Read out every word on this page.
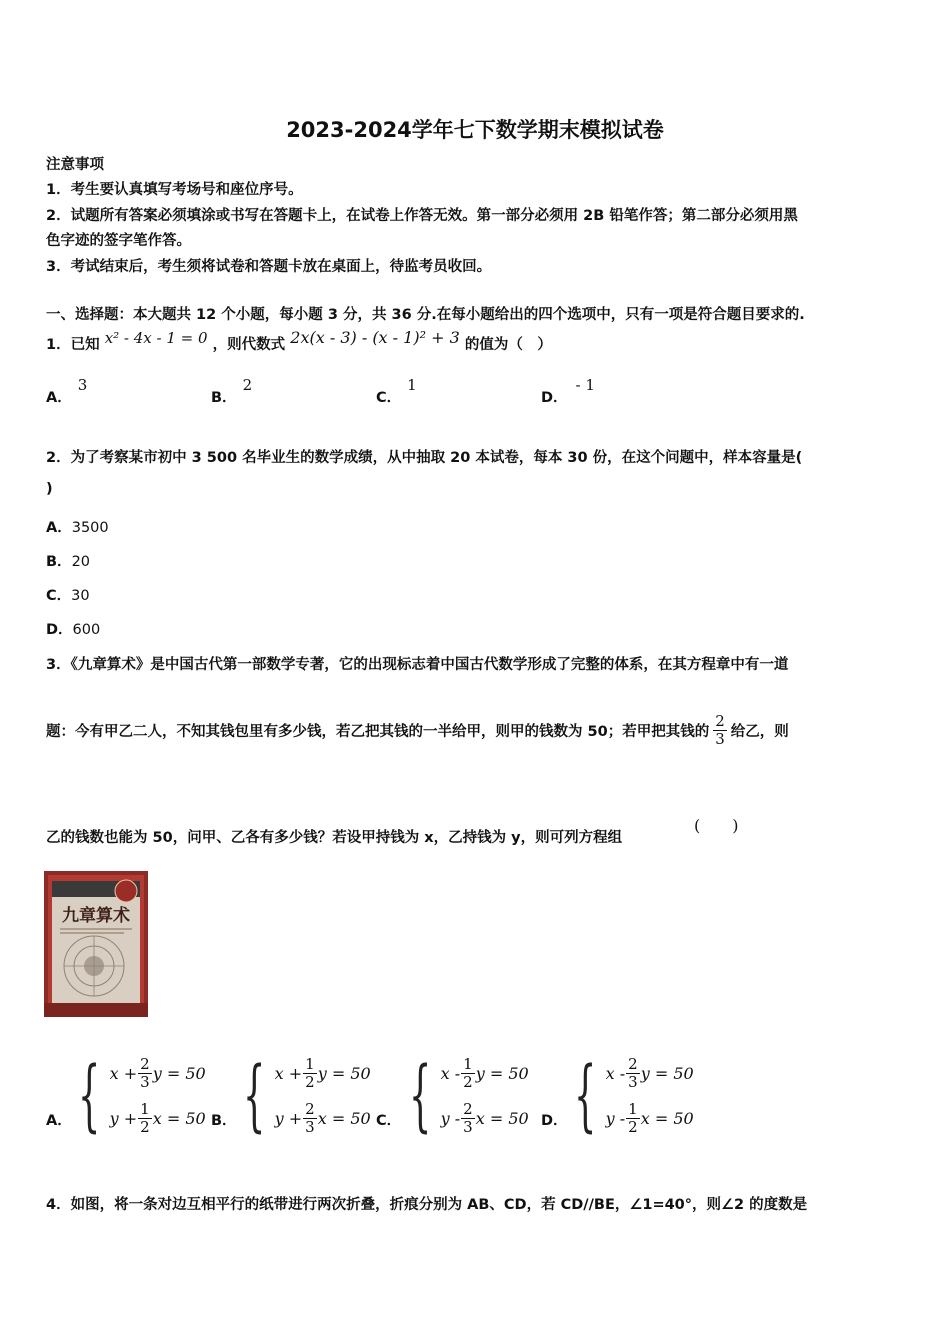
2023-2024学年七下数学期末模拟试卷
注意事项
1．考生要认真填写考场号和座位序号。
2．试题所有答案必须填涂或书写在答题卡上，在试卷上作答无效。第一部分必须用 2B 铅笔作答；第二部分必须用黑
色字迹的签字笔作答。
3．考试结束后，考生须将试卷和答题卡放在桌面上，待监考员收回。
一、选择题：本大题共 12 个小题，每小题 3 分，共 36 分.在每小题给出的四个选项中，只有一项是符合题目要求的.
1．已知 x² - 4x - 1 = 0 ，则代数式 2x(x - 3) - (x - 1)² + 3 的值为（　）
A．3
B．2
C．1
D．- 1
2．为了考察某市初中 3 500 名毕业生的数学成绩，从中抽取 20 本试卷，每本 30 份，在这个问题中，样本容量是(
)
A．3500
B．20
C．30
D．600
3．《九章算术》是中国古代第一部数学专著，它的出现标志着中国古代数学形成了完整的体系，在其方程章中有一道
题：今有甲乙二人，不知其钱包里有多少钱，若乙把其钱的一半给甲，则甲的钱数为 50；若甲把其钱的 $\frac{2}{3}$ 给乙，则
乙的钱数也能为 50，问甲、乙各有多少钱？若设甲持钱为 x，乙持钱为 y，则可列方程组
(　　)
九章算术
A． { $x + \frac{2}{3}$ y = 50
$y + \frac{1}{2}$ x = 50 B． { $x + \frac{1}{2}$ y = 50
$y + \frac{2}{3}$ x = 50 C． { x - $\frac{1}{2}$ y = 50
y - $\frac{2}{3}$ x = 50 D． { x - $\frac{2}{3}$ y = 50
y - $\frac{1}{2}$ x = 50
4．如图，将一条对边互相平行的纸带进行两次折叠，折痕分别为 AB、CD，若 CD//BE，∠1=40°，则∠2 的度数是
